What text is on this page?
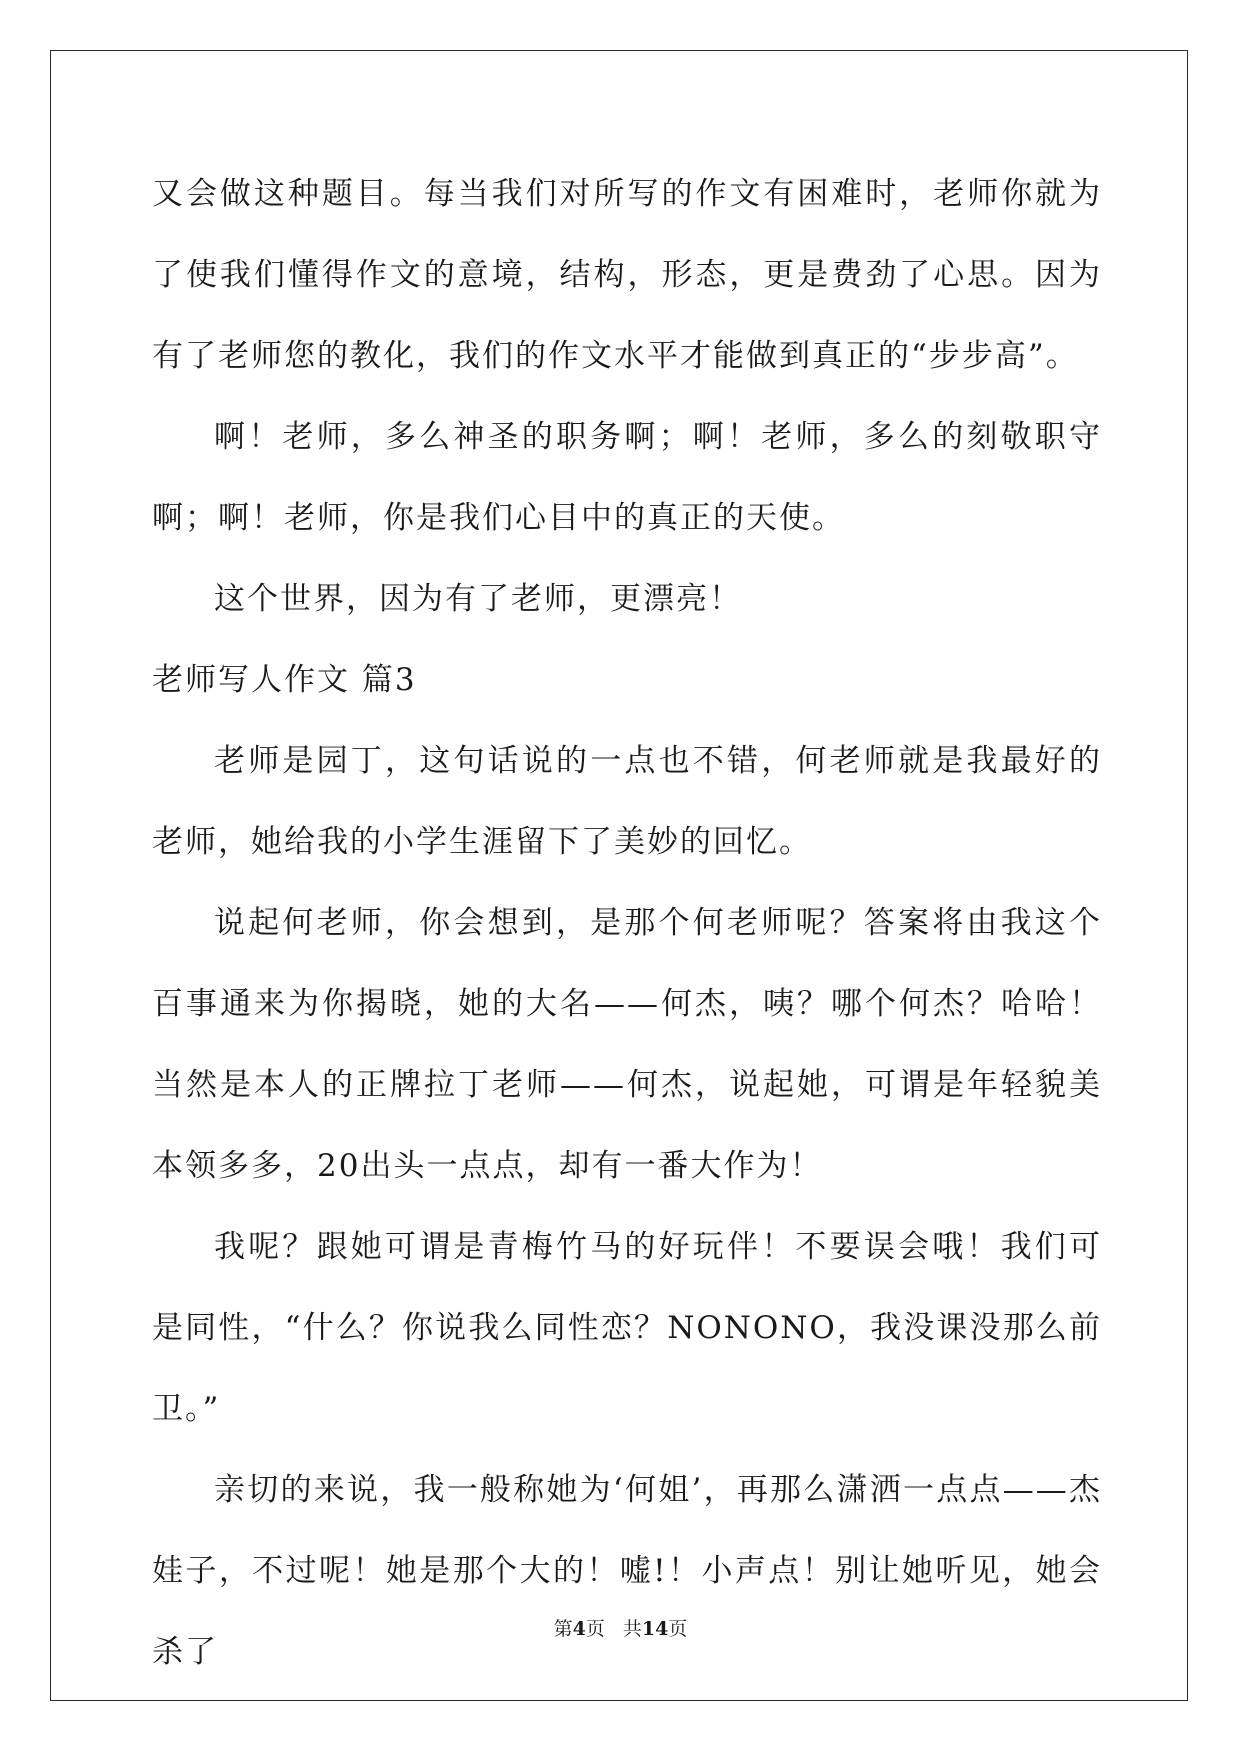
又会做这种题目。每当我们对所写的作文有困难时，老师你就为了使我们懂得作文的意境，结构，形态，更是费劲了心思。因为有了老师您的教化，我们的作文水平才能做到真正的“步步高”。

啊！老师，多么神圣的职务啊；啊！老师，多么的刻敬职守啊；啊！老师，你是我们心目中的真正的天使。

这个世界，因为有了老师，更漂亮！

老师写人作文 篇3

老师是园丁，这句话说的一点也不错，何老师就是我最好的老师，她给我的小学生涯留下了美妙的回忆。

说起何老师，你会想到，是那个何老师呢？答案将由我这个百事通来为你揭晓，她的大名——何杰，咦？哪个何杰？哈哈！当然是本人的正牌拉丁老师——何杰，说起她，可谓是年轻貌美本领多多，20出头一点点，却有一番大作为！

我呢？跟她可谓是青梅竹马的好玩伴！不要误会哦！我们可是同性，“什么？你说我么同性恋？NONONO，我没课没那么前卫。”

亲切的来说，我一般称她为‘何姐’，再那么潇洒一点点——杰娃子，不过呢！她是那个大的！嘘!！小声点！别让她听见，她会杀了

第4页 共14页
